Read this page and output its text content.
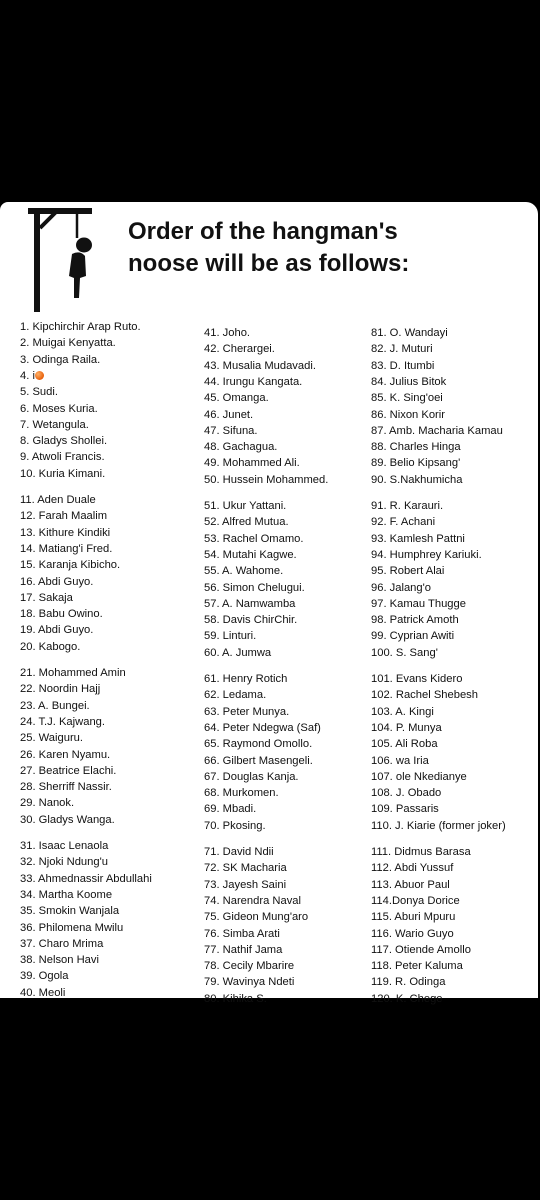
Order of the hangman's
noose will be as follows:
1. Kipchirchir Arap Ruto.
2. Muigai Kenyatta.
3. Odinga Raila.
4. i
5. Sudi.
6. Moses Kuria.
7. Wetangula.
8. Gladys Shollei.
9. Atwoli Francis.
10. Kuria Kimani.
11. Aden Duale
12. Farah Maalim
13. Kithure Kindiki
14. Matiang'i Fred.
15. Karanja Kibicho.
16. Abdi Guyo.
17. Sakaja
18. Babu Owino.
19. Abdi Guyo.
20. Kabogo.
21. Mohammed Amin
22. Noordin Hajj
23. A. Bungei.
24. T.J. Kajwang.
25. Waiguru.
26. Karen Nyamu.
27. Beatrice Elachi.
28. Sherriff Nassir.
29. Nanok.
30. Gladys Wanga.
31. Isaac Lenaola
32. Njoki Ndung'u
33. Ahmednassir Abdullahi
34. Martha Koome
35. Smokin Wanjala
36. Philomena Mwilu
37. Charo Mrima
38. Nelson Havi
39. Ogola
40. Meoli
41. Joho.
42. Cherargei.
43. Musalia Mudavadi.
44. Irungu Kangata.
45. Omanga.
46. Junet.
47. Sifuna.
48. Gachagua.
49. Mohammed Ali.
50. Hussein Mohammed.
51. Ukur Yattani.
52. Alfred Mutua.
53. Rachel Omamo.
54. Mutahi Kagwe.
55. A. Wahome.
56. Simon Chelugui.
57. A. Namwamba
58. Davis ChirChir.
59. Linturi.
60. A. Jumwa
61. Henry Rotich
62. Ledama.
63. Peter Munya.
64. Peter Ndegwa (Saf)
65. Raymond Omollo.
66. Gilbert Masengeli.
67. Douglas Kanja.
68. Murkomen.
69. Mbadi.
70. Pkosing.
71. David Ndii
72. SK Macharia
73. Jayesh Saini
74. Narendra Naval
75. Gideon Mung'aro
76. Simba Arati
77. Nathif Jama
78. Cecily Mbarire
79. Wavinya Ndeti
80. Kihika S.
81. O. Wandayi
82. J. Muturi
83. D. Itumbi
84. Julius Bitok
85. K. Sing'oei
86. Nixon Korir
87. Amb. Macharia Kamau
88. Charles Hinga
89. Belio Kipsang'
90. S.Nakhumicha
91. R. Karauri.
92. F. Achani
93. Kamlesh Pattni
94. Humphrey Kariuki.
95. Robert Alai
96. Jalang'o
97. Kamau Thugge
98. Patrick Amoth
99. Cyprian Awiti
100. S. Sang'
101. Evans Kidero
102. Rachel Shebesh
103. A. Kingi
104. P. Munya
105. Ali Roba
106. wa Iria
107. ole Nkedianye
108. J. Obado
109. Passaris
110. J. Kiarie (former joker)
111. Didmus Barasa
112. Abdi Yussuf
113. Abuor Paul
114.Donya Dorice
115. Aburi Mpuru
116. Wario Guyo
117. Otiende Amollo
118. Peter Kaluma
119. R. Odinga
120. K. Chege
